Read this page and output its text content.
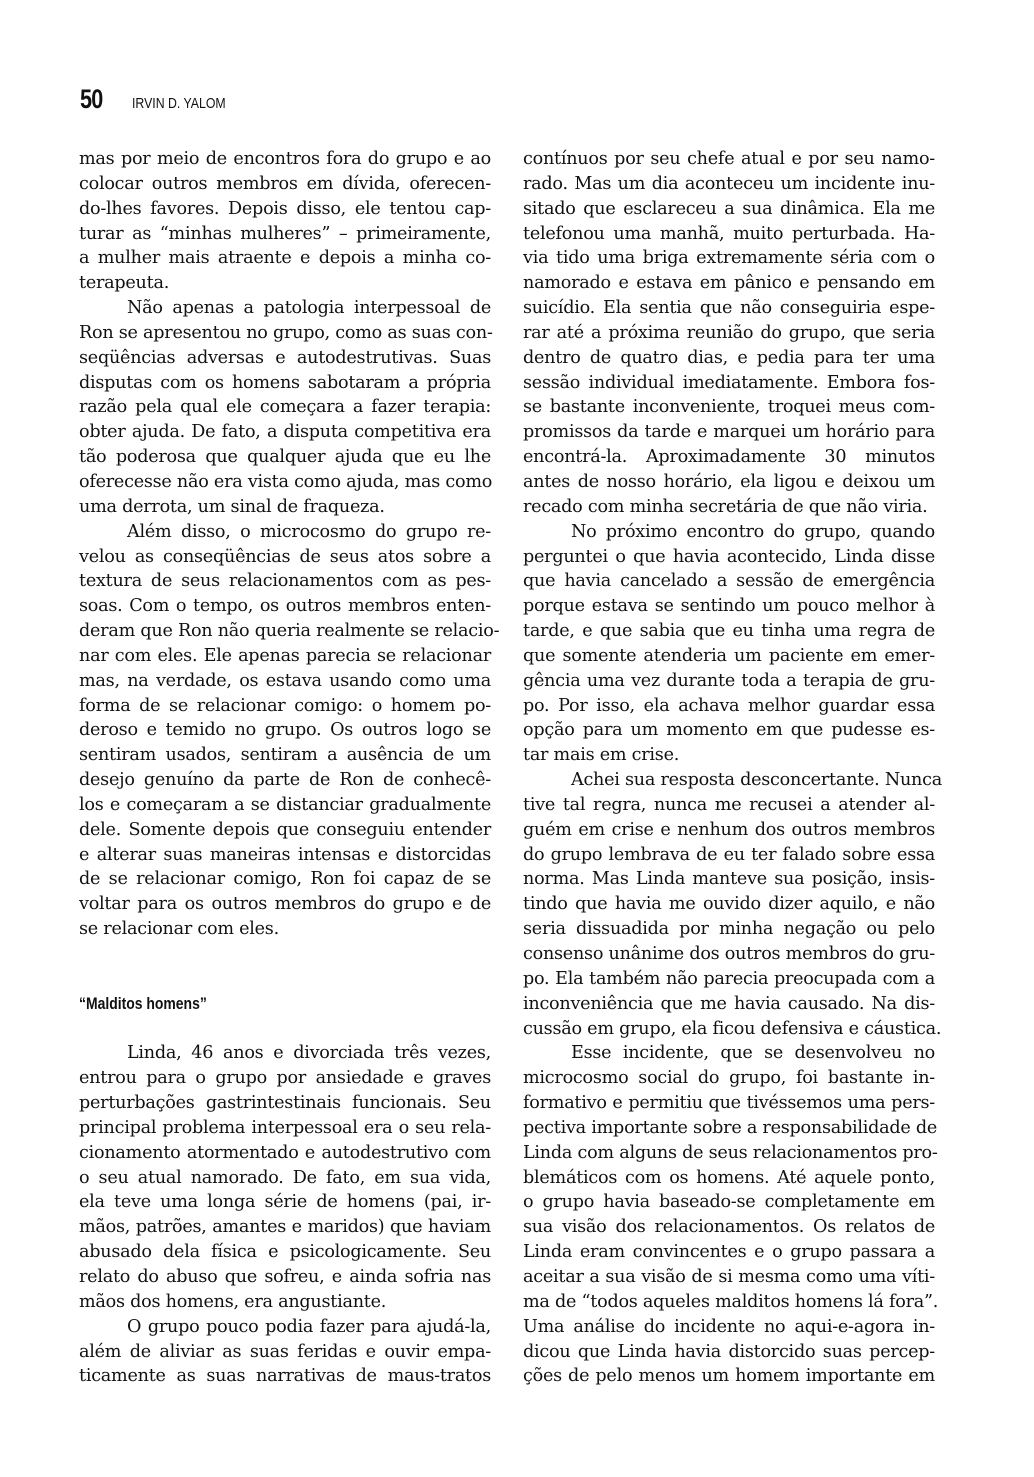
50	IRVIN D. YALOM
mas por meio de encontros fora do grupo e ao
colocar outros membros em dívida, oferecen-
do-lhes favores. Depois disso, ele tentou cap-
turar as “minhas mulheres” – primeiramente,
a mulher mais atraente e depois a minha co-
terapeuta.
Não apenas a patologia interpessoal de
Ron se apresentou no grupo, como as suas con-
seqüências adversas e autodestrutivas. Suas
disputas com os homens sabotaram a própria
razão pela qual ele começara a fazer terapia:
obter ajuda. De fato, a disputa competitiva era
tão poderosa que qualquer ajuda que eu lhe
oferecesse não era vista como ajuda, mas como
uma derrota, um sinal de fraqueza.
Além disso, o microcosmo do grupo re-
velou as conseqüências de seus atos sobre a
textura de seus relacionamentos com as pes-
soas. Com o tempo, os outros membros enten-
deram que Ron não queria realmente se relacio-
nar com eles. Ele apenas parecia se relacionar
mas, na verdade, os estava usando como uma
forma de se relacionar comigo: o homem po-
deroso e temido no grupo. Os outros logo se
sentiram usados, sentiram a ausência de um
desejo genuíno da parte de Ron de conhecê-
los e começaram a se distanciar gradualmente
dele. Somente depois que conseguiu entender
e alterar suas maneiras intensas e distorcidas
de se relacionar comigo, Ron foi capaz de se
voltar para os outros membros do grupo e de
se relacionar com eles.
“Malditos homens”
Linda, 46 anos e divorciada três vezes,
entrou para o grupo por ansiedade e graves
perturbações gastrintestinais funcionais. Seu
principal problema interpessoal era o seu rela-
cionamento atormentado e autodestrutivo com
o seu atual namorado. De fato, em sua vida,
ela teve uma longa série de homens (pai, ir-
mãos, patrões, amantes e maridos) que haviam
abusado dela física e psicologicamente. Seu
relato do abuso que sofreu, e ainda sofria nas
mãos dos homens, era angustiante.
O grupo pouco podia fazer para ajudá-la,
além de aliviar as suas feridas e ouvir empa-
ticamente as suas narrativas de maus-tratos
contínuos por seu chefe atual e por seu namo-
rado. Mas um dia aconteceu um incidente inu-
sitado que esclareceu a sua dinâmica. Ela me
telefonou uma manhã, muito perturbada. Ha-
via tido uma briga extremamente séria com o
namorado e estava em pânico e pensando em
suicídio. Ela sentia que não conseguiria espe-
rar até a próxima reunião do grupo, que seria
dentro de quatro dias, e pedia para ter uma
sessão individual imediatamente. Embora fos-
se bastante inconveniente, troquei meus com-
promissos da tarde e marquei um horário para
encontrá-la. Aproximadamente 30 minutos
antes de nosso horário, ela ligou e deixou um
recado com minha secretária de que não viria.
No próximo encontro do grupo, quando
perguntei o que havia acontecido, Linda disse
que havia cancelado a sessão de emergência
porque estava se sentindo um pouco melhor à
tarde, e que sabia que eu tinha uma regra de
que somente atenderia um paciente em emer-
gência uma vez durante toda a terapia de gru-
po. Por isso, ela achava melhor guardar essa
opção para um momento em que pudesse es-
tar mais em crise.
Achei sua resposta desconcertante. Nunca
tive tal regra, nunca me recusei a atender al-
guém em crise e nenhum dos outros membros
do grupo lembrava de eu ter falado sobre essa
norma. Mas Linda manteve sua posição, insis-
tindo que havia me ouvido dizer aquilo, e não
seria dissuadida por minha negação ou pelo
consenso unânime dos outros membros do gru-
po. Ela também não parecia preocupada com a
inconveniência que me havia causado. Na dis-
cussão em grupo, ela ficou defensiva e cáustica.
Esse incidente, que se desenvolveu no
microcosmo social do grupo, foi bastante in-
formativo e permitiu que tivéssemos uma pers-
pectiva importante sobre a responsabilidade de
Linda com alguns de seus relacionamentos pro-
blemáticos com os homens. Até aquele ponto,
o grupo havia baseado-se completamente em
sua visão dos relacionamentos. Os relatos de
Linda eram convincentes e o grupo passara a
aceitar a sua visão de si mesma como uma víti-
ma de “todos aqueles malditos homens lá fora”.
Uma análise do incidente no aqui-e-agora in-
dicou que Linda havia distorcido suas percep-
ções de pelo menos um homem importante em
